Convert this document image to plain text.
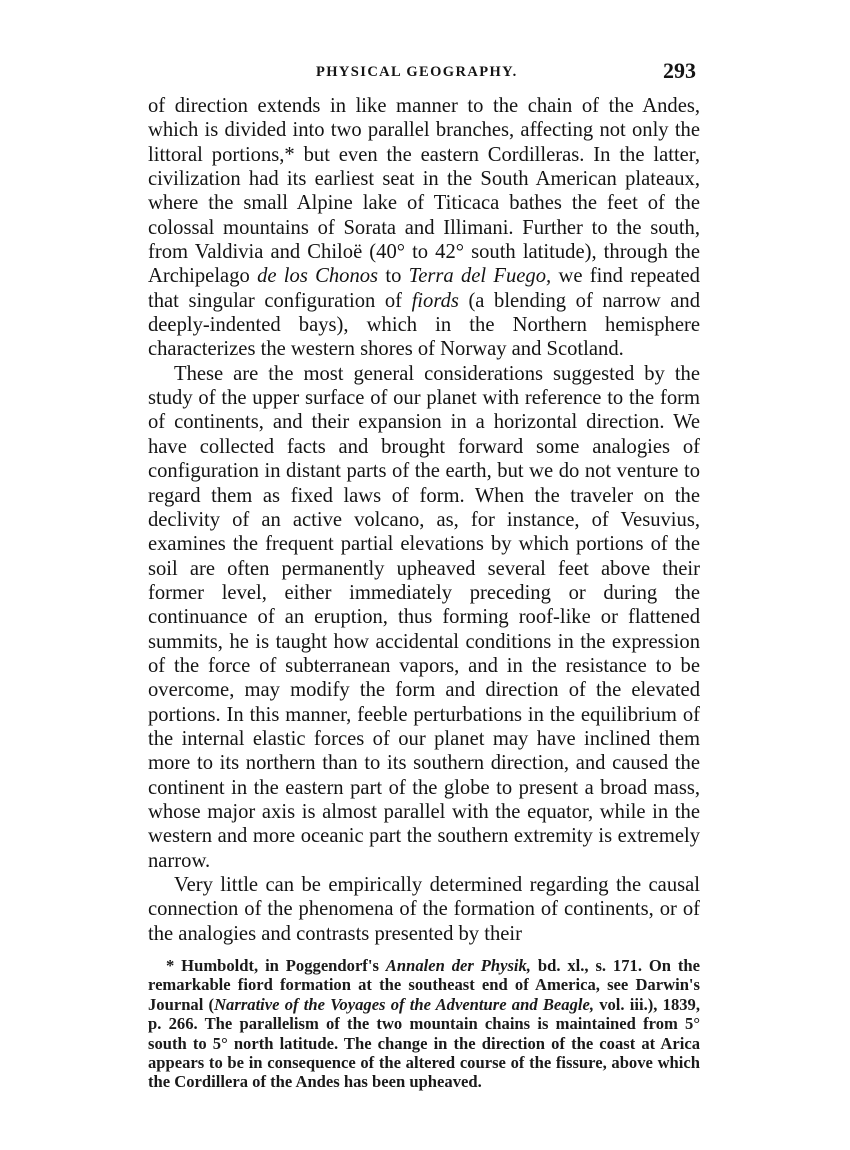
PHYSICAL GEOGRAPHY.	293

of direction extends in like manner to the chain of the Andes, which is divided into two parallel branches, affecting not only the littoral portions,* but even the eastern Cordilleras. In the latter, civilization had its earliest seat in the South American plateaux, where the small Alpine lake of Titicaca bathes the feet of the colossal mountains of Sorata and Illimani. Further to the south, from Valdivia and Chiloë (40° to 42° south latitude), through the Archipelago de los Chonos to Terra del Fuego, we find repeated that singular configuration of fiords (a blending of narrow and deeply-indented bays), which in the Northern hemisphere characterizes the western shores of Norway and Scotland.

These are the most general considerations suggested by the study of the upper surface of our planet with reference to the form of continents, and their expansion in a horizontal direction. We have collected facts and brought forward some analogies of configuration in distant parts of the earth, but we do not venture to regard them as fixed laws of form. When the traveler on the declivity of an active volcano, as, for instance, of Vesuvius, examines the frequent partial elevations by which portions of the soil are often permanently upheaved several feet above their former level, either immediately preceding or during the continuance of an eruption, thus forming roof-like or flattened summits, he is taught how accidental conditions in the expression of the force of subterranean vapors, and in the resistance to be overcome, may modify the form and direction of the elevated portions. In this manner, feeble perturbations in the equilibrium of the internal elastic forces of our planet may have inclined them more to its northern than to its southern direction, and caused the continent in the eastern part of the globe to present a broad mass, whose major axis is almost parallel with the equator, while in the western and more oceanic part the southern extremity is extremely narrow.

Very little can be empirically determined regarding the causal connection of the phenomena of the formation of continents, or of the analogies and contrasts presented by their

* Humboldt, in Poggendorf's Annalen der Physik, bd. xl., s. 171. On the remarkable fiord formation at the southeast end of America, see Darwin's Journal (Narrative of the Voyages of the Adventure and Beagle, vol. iii.), 1839, p. 266. The parallelism of the two mountain chains is maintained from 5° south to 5° north latitude. The change in the direction of the coast at Arica appears to be in consequence of the altered course of the fissure, above which the Cordillera of the Andes has been upheaved.
